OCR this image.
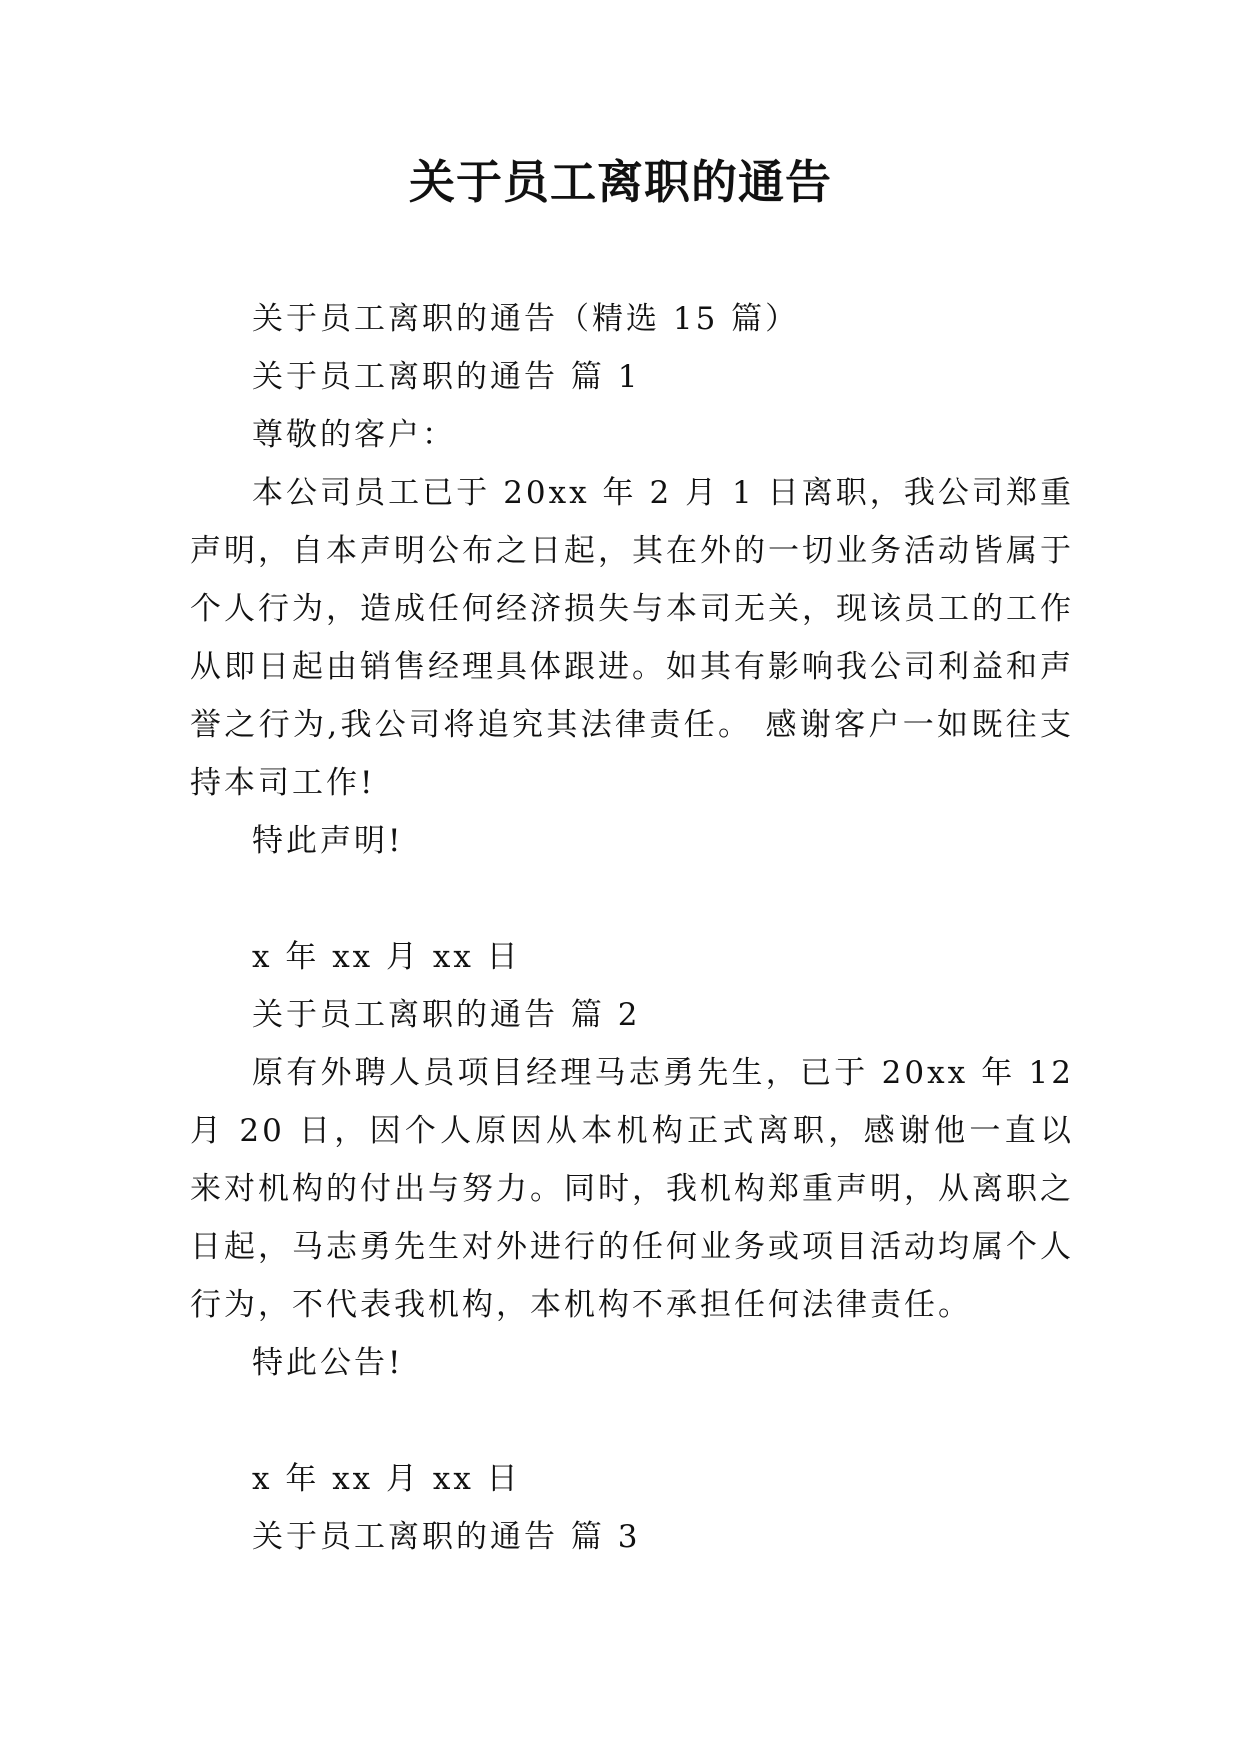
关于员工离职的通告

关于员工离职的通告（精选 15 篇）

关于员工离职的通告 篇 1

尊敬的客户：

本公司员工已于 20xx 年 2 月 1 日离职，我公司郑重声明，自本声明公布之日起，其在外的一切业务活动皆属于个人行为，造成任何经济损失与本司无关，现该员工的工作从即日起由销售经理具体跟进。如其有影响我公司利益和声誉之行为,我公司将追究其法律责任。 感谢客户一如既往支持本司工作!

特此声明!

x 年 xx 月 xx 日

关于员工离职的通告 篇 2

原有外聘人员项目经理马志勇先生，已于 20xx 年 12 月 20 日，因个人原因从本机构正式离职，感谢他一直以来对机构的付出与努力。同时，我机构郑重声明，从离职之日起，马志勇先生对外进行的任何业务或项目活动均属个人行为，不代表我机构，本机构不承担任何法律责任。

特此公告!

x 年 xx 月 xx 日

关于员工离职的通告 篇 3
